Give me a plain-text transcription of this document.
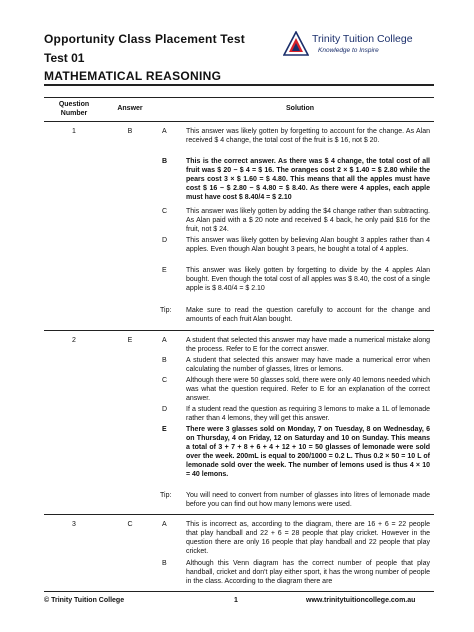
Opportunity Class Placement Test
Test 01
MATHEMATICAL REASONING
Trinity Tuition College
Knowledge to Inspire
Question Number
Answer	Solution
1	B	A	This answer was likely gotten by forgetting to account for the change. As Alan received $ 4 change, the total cost of the fruit is $ 16, not $ 20.
B	This is the correct answer. As there was $ 4 change, the total cost of all fruit was $ 20 − $ 4 = $ 16. The oranges cost 2 × $ 1.40 = $ 2.80 while the pears cost 3 × $ 1.60 = $ 4.80. This means that all the apples must have cost $ 16 − $ 2.80 − $ 4.80 = $ 8.40. As there were 4 apples, each apple must have cost $ 8.40/4 = $ 2.10
C	This answer was likely gotten by adding the $4 change rather than subtracting. As Alan paid with a $ 20 note and received $ 4 back, he only paid $16 for the fruit, not $ 24.
D	This answer was likely gotten by believing Alan bought 3 apples rather than 4 apples. Even though Alan bought 3 pears, he bought a total of 4 apples.
E	This answer was likely gotten by forgetting to divide by the 4 apples Alan bought. Even though the total cost of all apples was $ 8.40, the cost of a single apple is $ 8.40/4 = $ 2.10
Tip: Make sure to read the question carefully to account for the change and amounts of each fruit Alan bought.
2	E	A	A student that selected this answer may have made a numerical mistake along the process. Refer to E for the correct answer.
B	A student that selected this answer may have made a numerical error when calculating the number of glasses, litres or lemons.
C	Although there were 50 glasses sold, there were only 40 lemons needed which was what the question required. Refer to E for an explanation of the correct answer.
D	If a student read the question as requiring 3 lemons to make a 1L of lemonade rather than 4 lemons, they will get this answer.
E	There were 3 glasses sold on Monday, 7 on Tuesday, 8 on Wednesday, 6 on Thursday, 4 on Friday, 12 on Saturday and 10 on Sunday. This means a total of 3 + 7 + 8 + 6 + 4 + 12 + 10 = 50 glasses of lemonade were sold over the week. 200mL is equal to 200/1000 = 0.2 L. Thus 0.2 × 50 = 10 L of lemonade sold over the week. The number of lemons used is thus 4 × 10 = 40 lemons.
Tip: You will need to convert from number of glasses into litres of lemonade made before you can find out how many lemons were used.
3	C	A	This is incorrect as, according to the diagram, there are 16 + 6 = 22 people that play handball and 22 + 6 = 28 people that play cricket. However in the question there are only 16 people that play handball and 22 people that play cricket.
B	Although this Venn diagram has the correct number of people that play handball, cricket and don't play either sport, it has the wrong number of people in the class. According to the diagram there are
© Trinity Tuition College	1	www.trinitytuitioncollege.com.au
